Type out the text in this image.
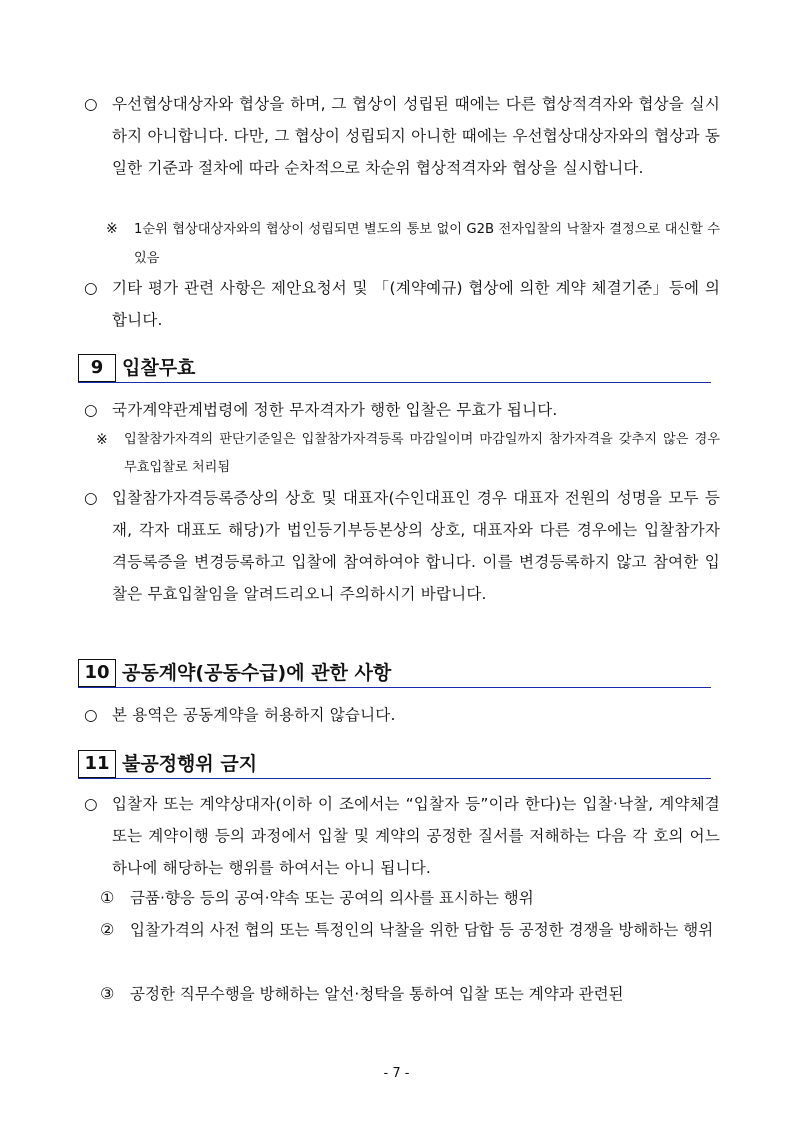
○ 우선협상대상자와 협상을 하며, 그 협상이 성립된 때에는 다른 협상적격자와 협상을 실시하지 아니합니다. 다만, 그 협상이 성립되지 아니한 때에는 우선협상대상자와의 협상과 동일한 기준과 절차에 따라 순차적으로 차순위 협상적격자와 협상을 실시합니다.
※	1순위 협상대상자와의 협상이 성립되면 별도의 통보 없이 G2B 전자입찰의 낙찰자 결정으로 대신할 수 있음
○ 기타 평가 관련 사항은 제안요청서 및 「(계약예규) 협상에 의한 계약 체결기준」등에 의합니다.
9 입찰무효
○ 국가계약관계법령에 정한 무자격자가 행한 입찰은 무효가 됩니다.
※	입찰참가자격의 판단기준일은 입찰참가자격등록 마감일이며 마감일까지 참가자격을 갖추지 않은 경우 무효입찰로 처리됨
○ 입찰참가자격등록증상의 상호 및 대표자(수인대표인 경우 대표자 전원의 성명을 모두 등재, 각자 대표도 해당)가 법인등기부등본상의 상호, 대표자와 다른 경우에는 입찰참가자격등록증을 변경등록하고 입찰에 참여하여야 합니다. 이를 변경등록하지 않고 참여한 입찰은 무효입찰임을 알려드리오니 주의하시기 바랍니다.
10 공동계약(공동수급)에 관한 사항
○ 본 용역은 공동계약을 허용하지 않습니다.
11 불공정행위 금지
○ 입찰자 또는 계약상대자(이하 이 조에서는 “입찰자 등”이라 한다)는 입찰·낙찰, 계약체결 또는 계약이행 등의 과정에서 입찰 및 계약의 공정한 질서를 저해하는 다음 각 호의 어느 하나에 해당하는 행위를 하여서는 아니 됩니다.
①	금품·향응 등의 공여·약속 또는 공여의 의사를 표시하는 행위
②	입찰가격의 사전 협의 또는 특정인의 낙찰을 위한 담합 등 공정한 경쟁을 방해하는 행위
③	공정한 직무수행을 방해하는 알선·청탁을 통하여 입찰 또는 계약과 관련된
- 7 -
